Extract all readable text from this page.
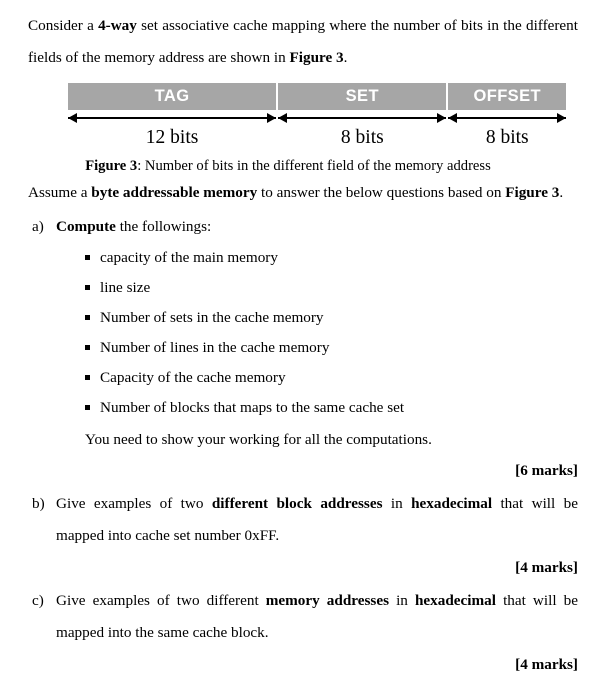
Consider a 4-way set associative cache mapping where the number of bits in the different fields of the memory address are shown in Figure 3.

TAG	SET	OFFSET
12 bits	8 bits	8 bits

Figure 3: Number of bits in the different field of the memory address

Assume a byte addressable memory to answer the below questions based on Figure 3.

a) Compute the followings:
capacity of the main memory
line size
Number of sets in the cache memory
Number of lines in the cache memory
Capacity of the cache memory
Number of blocks that maps to the same cache set
You need to show your working for all the computations.
[6 marks]
b) Give examples of two different block addresses in hexadecimal that will be mapped into cache set number 0xFF.
[4 marks]
c) Give examples of two different memory addresses in hexadecimal that will be mapped into the same cache block.
[4 marks]
